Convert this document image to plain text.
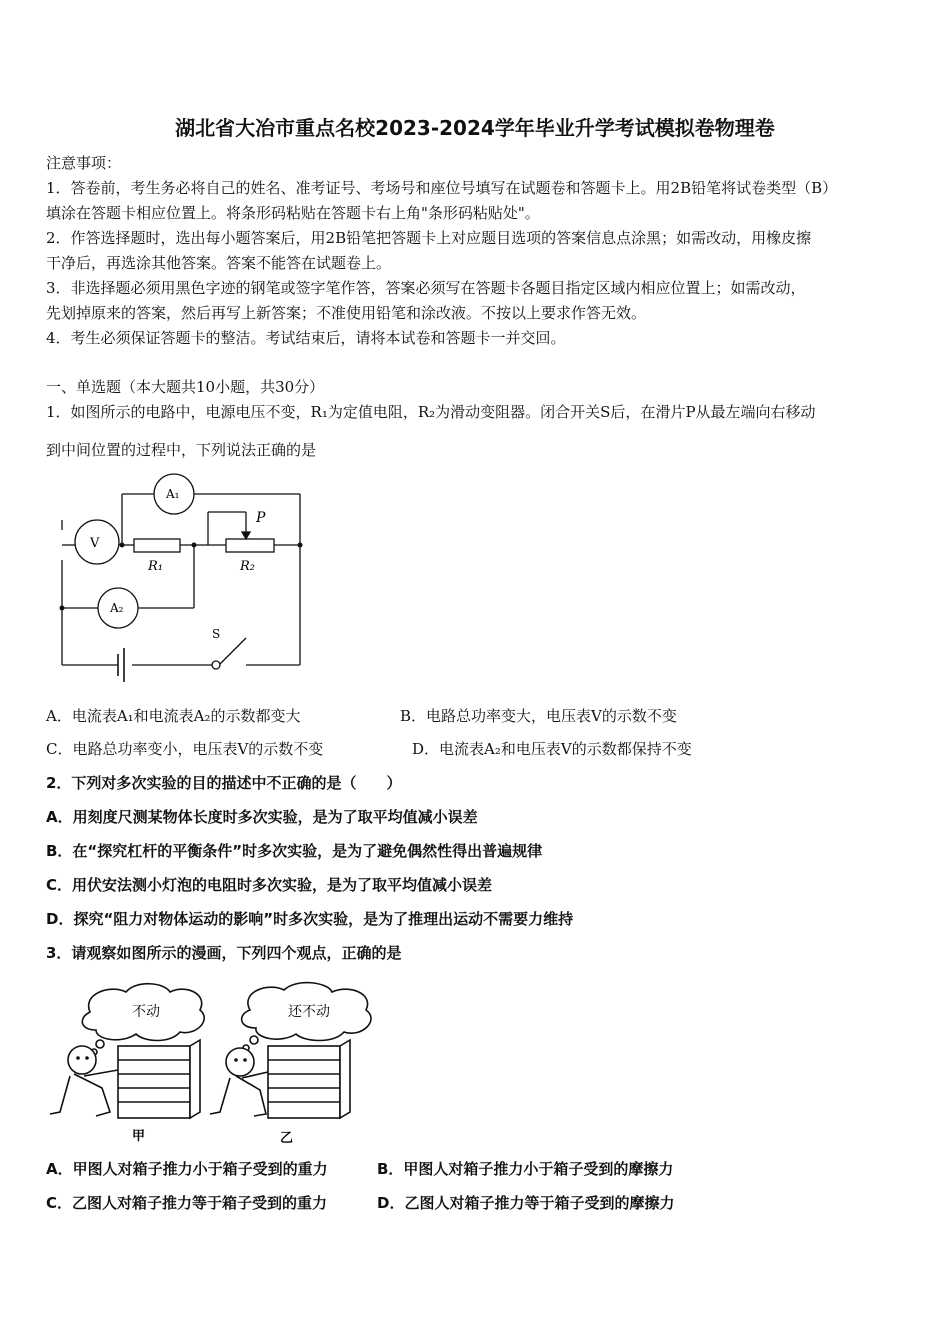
湖北省大冶市重点名校2023-2024学年毕业升学考试模拟卷物理卷
注意事项：
1．答卷前，考生务必将自己的姓名、准考证号、考场号和座位号填写在试题卷和答题卡上。用2B铅笔将试卷类型（B）
填涂在答题卡相应位置上。将条形码粘贴在答题卡右上角"条形码粘贴处"。
2．作答选择题时，选出每小题答案后，用2B铅笔把答题卡上对应题目选项的答案信息点涂黑；如需改动，用橡皮擦
干净后，再选涂其他答案。答案不能答在试题卷上。
3．非选择题必须用黑色字迹的钢笔或签字笔作答，答案必须写在答题卡各题目指定区域内相应位置上；如需改动，
先划掉原来的答案，然后再写上新答案；不准使用铅笔和涂改液。不按以上要求作答无效。
4．考生必须保证答题卡的整洁。考试结束后，请将本试卷和答题卡一并交回。
一、单选题（本大题共10小题，共30分）
1．如图所示的电路中，电源电压不变，R₁为定值电阻，R₂为滑动变阻器。闭合开关S后，在滑片P从最左端向右移动
到中间位置的过程中，下列说法正确的是
V
A₁
A₂
R₁	R₂
P
S
A．电流表A₁和电流表A₂的示数都变大	B．电路总功率变大，电压表V的示数不变
C．电路总功率变小，电压表V的示数不变	D．电流表A₂和电压表V的示数都保持不变
2．下列对多次实验的目的描述中不正确的是（　　）
A．用刻度尺测某物体长度时多次实验，是为了取平均值减小误差
B．在“探究杠杆的平衡条件”时多次实验，是为了避免偶然性得出普遍规律
C．用伏安法测小灯泡的电阻时多次实验，是为了取平均值减小误差
D．探究“阻力对物体运动的影响”时多次实验，是为了推理出运动不需要力维持
3．请观察如图所示的漫画，下列四个观点，正确的是
不动	还不动
甲	乙
A．甲图人对箱子推力小于箱子受到的重力	B．甲图人对箱子推力小于箱子受到的摩擦力
C．乙图人对箱子推力等于箱子受到的重力	D．乙图人对箱子推力等于箱子受到的摩擦力
